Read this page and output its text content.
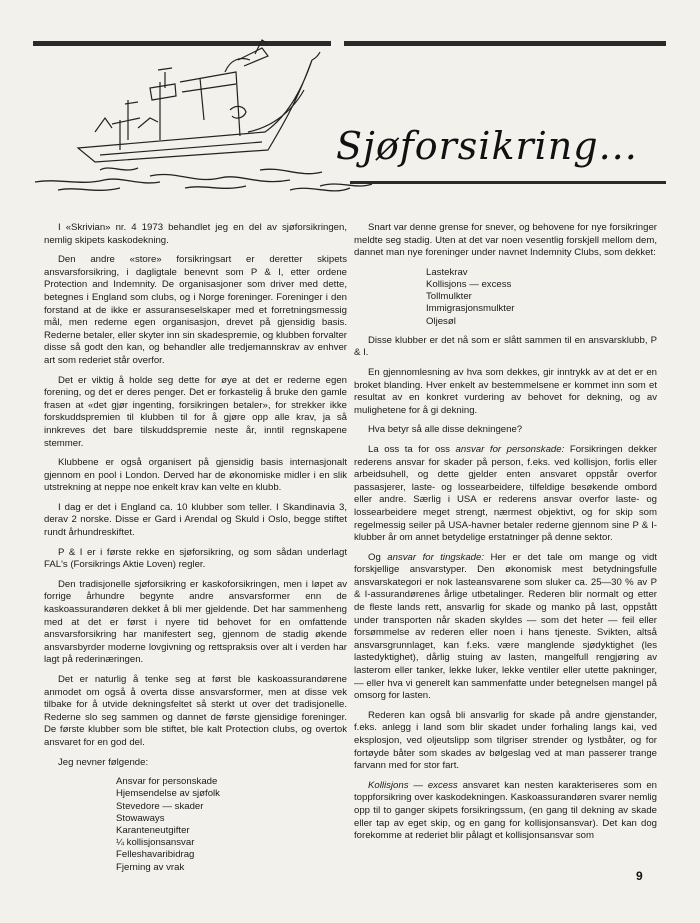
Sjøforsikring...

I «Skrivian» nr. 4 1973 behandlet jeg en del av sjøforsikringen, nemlig skipets kaskodekning.

Den andre «store» forsikringsart er deretter skipets ansvarsforsikring, i dagligtale benevnt som P & I, etter ordene Protection and Indemnity. De organisasjoner som driver med dette, betegnes i England som clubs, og i Norge foreninger. Foreninger i den forstand at de ikke er assuranseselskaper med et forretningsmessig mål, men rederne egen organisasjon, drevet på gjensidig basis. Rederne betaler, eller skyter inn sin skadespremie, og klubben forvalter disse så godt den kan, og behandler alle tredjemannskrav av enhver art som rederiet står overfor.

Det er viktig å holde seg dette for øye at det er rederne egen forening, og det er deres penger. Det er forkastelig å bruke den gamle frasen at «det gjør ingenting, forsikringen betaler», for strekker ikke forskuddspremien til klubben til for å gjøre opp alle krav, ja så innkreves det bare tilskuddspremie neste år, inntil regnskapene stemmer.

Klubbene er også organisert på gjensidig basis internasjonalt gjennom en pool i London. Derved har de økonomiske midler i en slik utstrekning at neppe noe enkelt krav kan velte en klubb.

I dag er det i England ca. 10 klubber som teller. I Skandinavia 3, derav 2 norske. Disse er Gard i Arendal og Skuld i Oslo, begge stiftet rundt århundreskiftet.

P & I er i første rekke en sjøforsikring, og som sådan underlagt FAL's (Forsikrings Aktie Loven) regler.

Den tradisjonelle sjøforsikring er kaskoforsikringen, men i løpet av forrige århundre begynte andre ansvarsformer enn de kaskoassurandøren dekket å bli mer gjeldende. Det har sammenheng med at det er først i nyere tid behovet for en omfattende ansvarsforsikring har manifestert seg, gjennom de stadig økende ansvarsbyrder moderne lovgivning og rettspraksis over alt i verden har lagt på rederinæringen.

Det er naturlig å tenke seg at først ble kaskoassurandørene anmodet om også å overta disse ansvarsformer, men at disse vek tilbake for å utvide dekningsfeltet så sterkt ut over det tradisjonelle. Rederne slo seg sammen og dannet de første gjensidige foreninger. De første klubber som ble stiftet, ble kalt Protection clubs, og overtok ansvaret for en god del.

Jeg nevner følgende:

Ansvar for personskade
Hjemsendelse av sjøfolk
Stevedore — skader
Stowaways
Karanteneutgifter
¼ kollisjonsansvar
Felleshavaribidrag
Fjerning av vrak

Snart var denne grense for snever, og behovene for nye forsikringer meldte seg stadig. Uten at det var noen vesentlig forskjell mellom dem, dannet man nye foreninger under navnet Indemnity Clubs, som dekket:

Lastekrav
Kollisjons — excess
Tollmulkter
Immigrasjonsmulkter
Oljesøl

Disse klubber er det nå som er slått sammen til en ansvarsklubb, P & I.

En gjennomlesning av hva som dekkes, gir inntrykk av at det er en broket blanding. Hver enkelt av bestemmelsene er kommet inn som et resultat av en konkret vurdering av behovet for dekning, og av mulighetene for å gi dekning.

Hva betyr så alle disse dekningene?

La oss ta for oss ansvar for personskade: Forsikringen dekker rederens ansvar for skader på person, f.eks. ved kollisjon, forlis eller arbeidsuhell, og dette gjelder enten ansvaret oppstår overfor passasjerer, laste- og lossearbeidere, tilfeldige besøkende ombord eller andre. Særlig i USA er rederens ansvar overfor laste- og lossearbeidere meget strengt, nærmest objektivt, og for skip som regelmessig seiler på USA-havner betaler rederne gjennom sine P & I-klubber år om annet betydelige erstatninger på denne sektor.

Og ansvar for tingskade: Her er det tale om mange og vidt forskjellige ansvarstyper. Den økonomisk mest betydningsfulle ansvarskategori er nok lasteansvarene som sluker ca. 25—30 % av P & I-assurandørenes årlige utbetalinger. Rederen blir normalt og etter de fleste lands rett, ansvarlig for skade og manko på last, oppstått under transporten når skaden skyldes — som det heter — feil eller forsømmelse av rederen eller noen i hans tjeneste. Svikten, altså ansvarsgrunnlaget, kan f.eks. være manglende sjødyktighet (les lastedyktighet), dårlig stuing av lasten, mangelfull rengjøring av lasterom eller tanker, lekke luker, lekke ventiler eller utette pakninger, — eller hva vi generelt kan sammenfatte under betegnelsen mangel på omsorg for lasten.

Rederen kan også bli ansvarlig for skade på andre gjenstander, f.eks. anlegg i land som blir skadet under forhaling langs kai, ved eksplosjon, ved oljeutslipp som tilgriser strender og lystbåter, og for fortøyde båter som skades av bølgeslag ved at man passerer trange farvann med for stor fart.

Kollisjons — excess ansvaret kan nesten karakteriseres som en toppforsikring over kaskodekningen. Kaskoassurandøren svarer nemlig opp til to ganger skipets forsikringssum, (en gang til dekning av skade eller tap av eget skip, og en gang for kollisjonsansvar). Det kan dog forekomme at rederiet blir pålagt et kollisjonsansvar som

9
